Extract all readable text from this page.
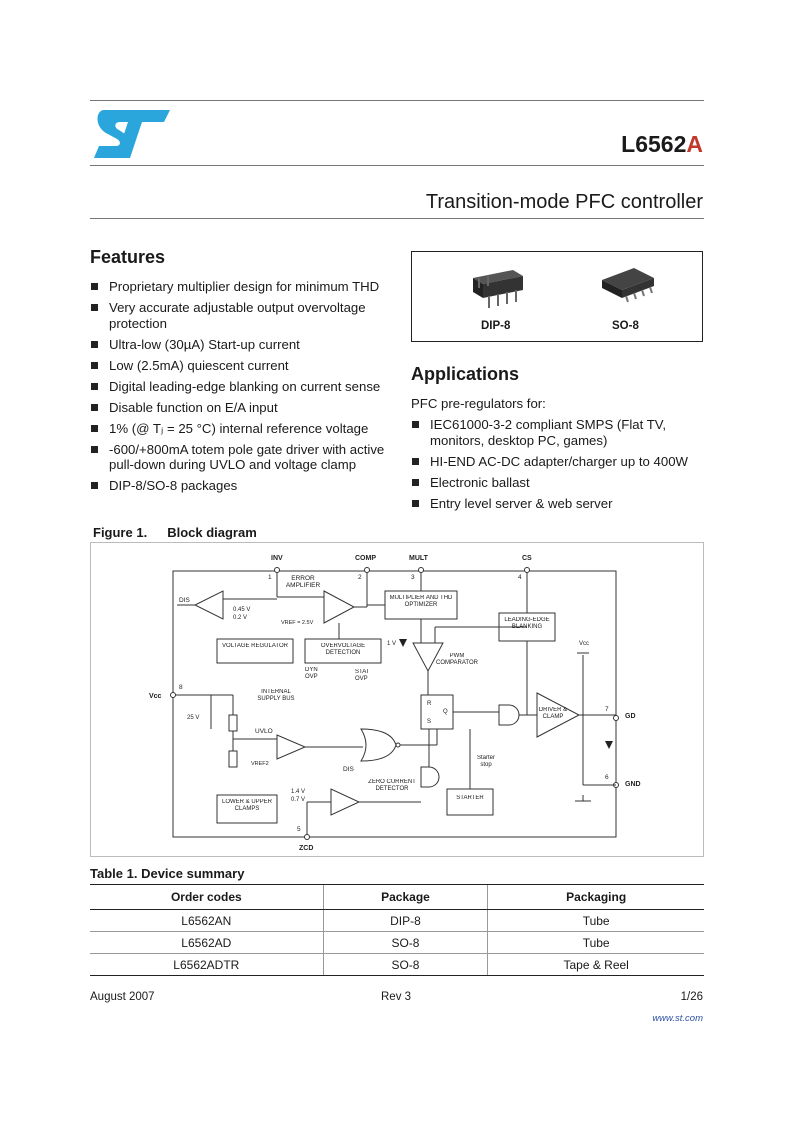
L6562A
Transition-mode PFC controller
Features
Proprietary multiplier design for minimum THD
Very accurate adjustable output overvoltage protection
Ultra-low (30µA) Start-up current
Low (2.5mA) quiescent current
Digital leading-edge blanking on current sense
Disable function on E/A input
1% (@ Tⱼ = 25 °C) internal reference voltage
-600/+800mA totem pole gate driver with active pull-down during UVLO and voltage clamp
DIP-8/SO-8 packages
DIP-8	SO-8
Applications
PFC pre-regulators for:
IEC61000-3-2 compliant SMPS (Flat TV, monitors, desktop PC, games)
HI-END AC-DC adapter/charger up to 400W
Electronic ballast
Entry level server & web server
Figure 1. Block diagram
INV	COMP	MULT	CS
Vcc
GD
GND
ZCD
1	2	3	4
5
6
7
8
ERROR AMPLIFIER
MULTIPLIER AND THD OPTIMIZER
LEADING-EDGE BLANKING
VOLTAGE REGULATOR	OVERVOLTAGE DETECTION	PWM COMPARATOR
INTERNAL SUPPLY BUS
DRIVER & CLAMP
ZERO CURRENT DETECTOR
LOWER & UPPER CLAMPS
STARTER
Starter stop
DYN OVP
STAT OVP
UVLO
DIS
DIS
VREF = 2.5V
VREF2
0.45 V
0.2 V
1 V
25 V
1.4 V
0.7 V
R
S
Q
Vcc
Table 1. Device summary
Order codes	Package	Packaging
L6562AN	DIP-8	Tube
L6562AD	SO-8	Tube
L6562ADTR	SO-8	Tape & Reel
August 2007	Rev 3	1/26
www.st.com
